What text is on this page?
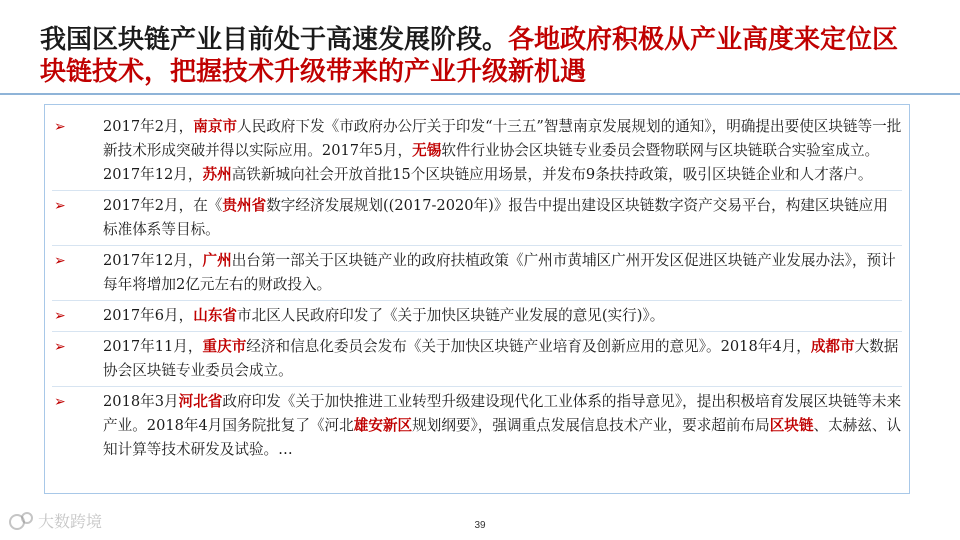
我国区块链产业目前处于高速发展阶段。各地政府积极从产业高度来定位区块链技术，把握技术升级带来的产业升级新机遇
➢	2017年2月，南京市人民政府下发《市政府办公厅关于印发“十三五”智慧南京发展规划的通知》，明确提出要使区块链等一批新技术形成突破并得以实际应用。2017年5月，无锡软件行业协会区块链专业委员会暨物联网与区块链联合实验室成立。2017年12月，苏州高铁新城向社会开放首批15个区块链应用场景，并发布9条扶持政策，吸引区块链企业和人才落户。
➢	2017年2月，在《贵州省数字经济发展规划((2017-2020年)》报告中提出建设区块链数字资产交易平台，构建区块链应用标准体系等目标。
➢	2017年12月，广州出台第一部关于区块链产业的政府扶植政策《广州市黄埔区广州开发区促进区块链产业发展办法》，预计每年将增加2亿元左右的财政投入。
➢	2017年6月，山东省市北区人民政府印发了《关于加快区块链产业发展的意见(实行)》。
➢	2017年11月，重庆市经济和信息化委员会发布《关于加快区块链产业培育及创新应用的意见》。2018年4月，成都市大数据协会区块链专业委员会成立。
➢	2018年3月河北省政府印发《关于加快推进工业转型升级建设现代化工业体系的指导意见》，提出积极培育发展区块链等未来产业。2018年4月国务院批复了《河北雄安新区规划纲要》，强调重点发展信息技术产业，要求超前布局区块链、太赫兹、认知计算等技术研发及试验。…
大数跨境	39
